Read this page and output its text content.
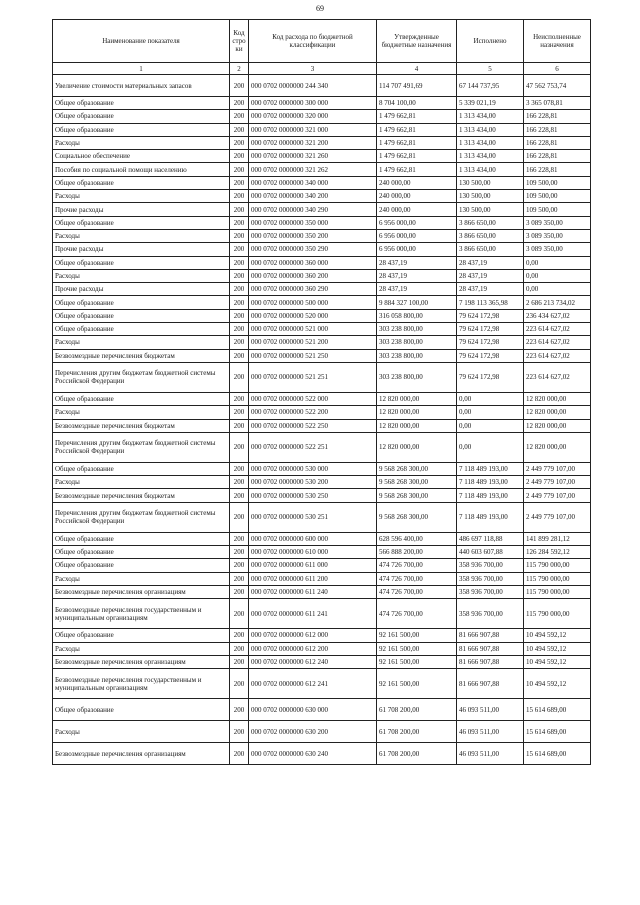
69
Наименование показателя	Код стро ки	Код расхода по бюджетной классификации	Утвержденные бюджетные назначения	Исполнено	Неисполненные назначения
1	2	3	4	5	6
Увеличение стоимости материальных запасов	200	000 0702 0000000 244 340	114 707 491,69	67 144 737,95	47 562 753,74
Общее образование	200	000 0702 0000000 300 000	8 704 100,00	5 339 021,19	3 365 078,81
Общее образование	200	000 0702 0000000 320 000	1 479 662,81	1 313 434,00	166 228,81
Общее образование	200	000 0702 0000000 321 000	1 479 662,81	1 313 434,00	166 228,81
Расходы	200	000 0702 0000000 321 200	1 479 662,81	1 313 434,00	166 228,81
Социальное обеспечение	200	000 0702 0000000 321 260	1 479 662,81	1 313 434,00	166 228,81
Пособия по социальной помощи населению	200	000 0702 0000000 321 262	1 479 662,81	1 313 434,00	166 228,81
Общее образование	200	000 0702 0000000 340 000	240 000,00	130 500,00	109 500,00
Расходы	200	000 0702 0000000 340 200	240 000,00	130 500,00	109 500,00
Прочие расходы	200	000 0702 0000000 340 290	240 000,00	130 500,00	109 500,00
Общее образование	200	000 0702 0000000 350 000	6 956 000,00	3 866 650,00	3 089 350,00
Расходы	200	000 0702 0000000 350 200	6 956 000,00	3 866 650,00	3 089 350,00
Прочие расходы	200	000 0702 0000000 350 290	6 956 000,00	3 866 650,00	3 089 350,00
Общее образование	200	000 0702 0000000 360 000	28 437,19	28 437,19	0,00
Расходы	200	000 0702 0000000 360 200	28 437,19	28 437,19	0,00
Прочие расходы	200	000 0702 0000000 360 290	28 437,19	28 437,19	0,00
Общее образование	200	000 0702 0000000 500 000	9 884 327 100,00	7 198 113 365,98	2 686 213 734,02
Общее образование	200	000 0702 0000000 520 000	316 058 800,00	79 624 172,98	236 434 627,02
Общее образование	200	000 0702 0000000 521 000	303 238 800,00	79 624 172,98	223 614 627,02
Расходы	200	000 0702 0000000 521 200	303 238 800,00	79 624 172,98	223 614 627,02
Безвозмездные перечисления бюджетам	200	000 0702 0000000 521 250	303 238 800,00	79 624 172,98	223 614 627,02
Перечисления другим бюджетам бюджетной системы Российской Федерации	200	000 0702 0000000 521 251	303 238 800,00	79 624 172,98	223 614 627,02
Общее образование	200	000 0702 0000000 522 000	12 820 000,00	0,00	12 820 000,00
Расходы	200	000 0702 0000000 522 200	12 820 000,00	0,00	12 820 000,00
Безвозмездные перечисления бюджетам	200	000 0702 0000000 522 250	12 820 000,00	0,00	12 820 000,00
Перечисления другим бюджетам бюджетной системы Российской Федерации	200	000 0702 0000000 522 251	12 820 000,00	0,00	12 820 000,00
Общее образование	200	000 0702 0000000 530 000	9 568 268 300,00	7 118 489 193,00	2 449 779 107,00
Расходы	200	000 0702 0000000 530 200	9 568 268 300,00	7 118 489 193,00	2 449 779 107,00
Безвозмездные перечисления бюджетам	200	000 0702 0000000 530 250	9 568 268 300,00	7 118 489 193,00	2 449 779 107,00
Перечисления другим бюджетам бюджетной системы Российской Федерации	200	000 0702 0000000 530 251	9 568 268 300,00	7 118 489 193,00	2 449 779 107,00
Общее образование	200	000 0702 0000000 600 000	628 596 400,00	486 697 118,88	141 899 281,12
Общее образование	200	000 0702 0000000 610 000	566 888 200,00	440 603 607,88	126 284 592,12
Общее образование	200	000 0702 0000000 611 000	474 726 700,00	358 936 700,00	115 790 000,00
Расходы	200	000 0702 0000000 611 200	474 726 700,00	358 936 700,00	115 790 000,00
Безвозмездные перечисления организациям	200	000 0702 0000000 611 240	474 726 700,00	358 936 700,00	115 790 000,00
Безвозмездные перечисления государственным и муниципальным организациям	200	000 0702 0000000 611 241	474 726 700,00	358 936 700,00	115 790 000,00
Общее образование	200	000 0702 0000000 612 000	92 161 500,00	81 666 907,88	10 494 592,12
Расходы	200	000 0702 0000000 612 200	92 161 500,00	81 666 907,88	10 494 592,12
Безвозмездные перечисления организациям	200	000 0702 0000000 612 240	92 161 500,00	81 666 907,88	10 494 592,12
Безвозмездные перечисления государственным и муниципальным организациям	200	000 0702 0000000 612 241	92 161 500,00	81 666 907,88	10 494 592,12
Общее образование	200	000 0702 0000000 630 000	61 708 200,00	46 093 511,00	15 614 689,00
Расходы	200	000 0702 0000000 630 200	61 708 200,00	46 093 511,00	15 614 689,00
Безвозмездные перечисления организациям	200	000 0702 0000000 630 240	61 708 200,00	46 093 511,00	15 614 689,00
